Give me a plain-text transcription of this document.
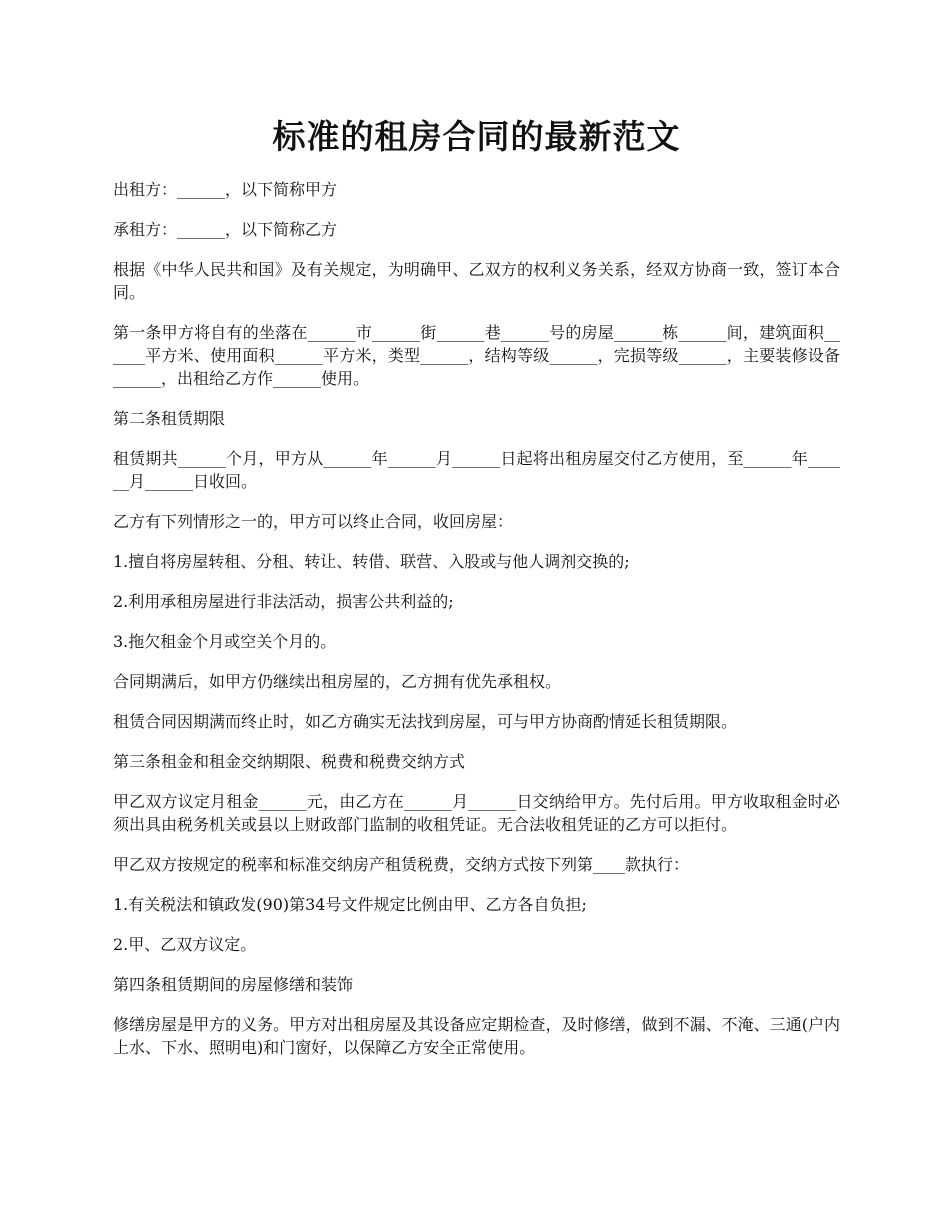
标准的租房合同的最新范文

出租方：______，以下简称甲方

承租方：______，以下简称乙方

根据《中华人民共和国》及有关规定，为明确甲、乙双方的权利义务关系，经双方协商一致，签订本合同。

第一条甲方将自有的坐落在______市______街______巷______号的房屋______栋______间，建筑面积______平方米、使用面积______平方米，类型______，结构等级______，完损等级______，主要装修设备______，出租给乙方作______使用。

第二条租赁期限

租赁期共______个月，甲方从______年______月______日起将出租房屋交付乙方使用，至______年______月______日收回。

乙方有下列情形之一的，甲方可以终止合同，收回房屋：

1.擅自将房屋转租、分租、转让、转借、联营、入股或与他人调剂交换的;

2.利用承租房屋进行非法活动，损害公共利益的;

3.拖欠租金个月或空关个月的。

合同期满后，如甲方仍继续出租房屋的，乙方拥有优先承租权。

租赁合同因期满而终止时，如乙方确实无法找到房屋，可与甲方协商酌情延长租赁期限。

第三条租金和租金交纳期限、税费和税费交纳方式

甲乙双方议定月租金______元，由乙方在______月______日交纳给甲方。先付后用。甲方收取租金时必须出具由税务机关或县以上财政部门监制的收租凭证。无合法收租凭证的乙方可以拒付。

甲乙双方按规定的税率和标准交纳房产租赁税费，交纳方式按下列第____款执行：

1.有关税法和镇政发(90)第34号文件规定比例由甲、乙方各自负担;

2.甲、乙双方议定。

第四条租赁期间的房屋修缮和装饰

修缮房屋是甲方的义务。甲方对出租房屋及其设备应定期检查，及时修缮，做到不漏、不淹、三通(户内上水、下水、照明电)和门窗好，以保障乙方安全正常使用。
